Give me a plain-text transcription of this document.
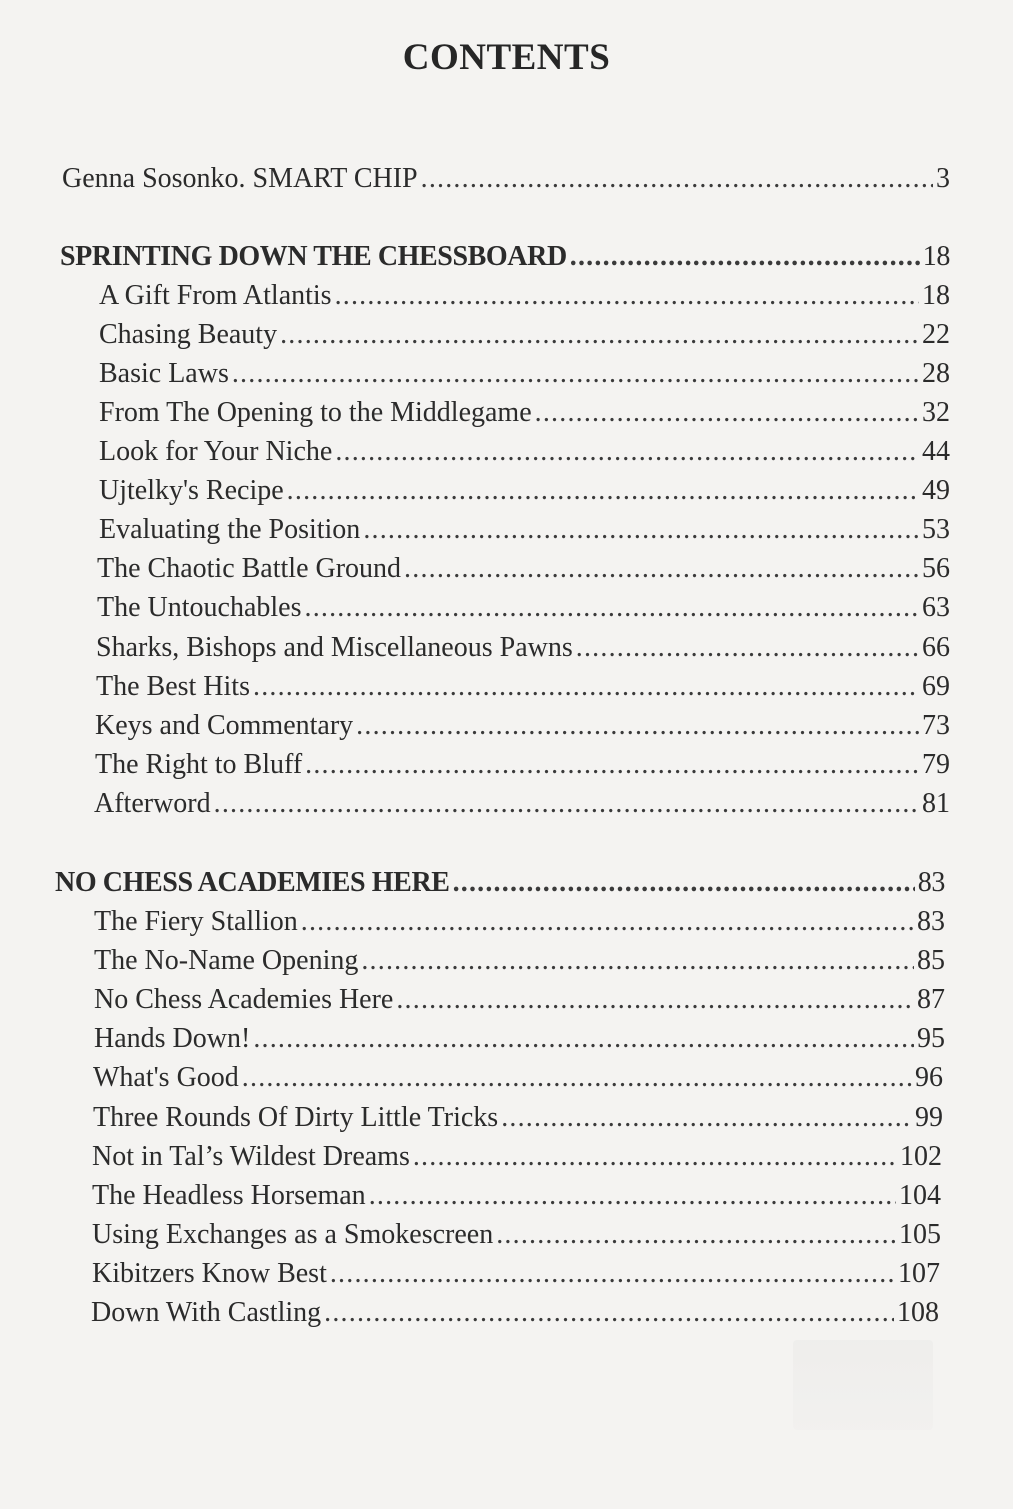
CONTENTS
Genna Sosonko. SMART CHIP .....	3
SPRINTING DOWN THE CHESSBOARD .....	18
A Gift From Atlantis .....	18
Chasing Beauty .....	22
Basic Laws .....	28
From The Opening to the Middlegame .....	32
Look for Your Niche .....	44
Ujtelky's Recipe .....	49
Evaluating the Position .....	53
The Chaotic Battle Ground .....	56
The Untouchables .....	63
Sharks, Bishops and Miscellaneous Pawns .....	66
The Best Hits .....	69
Keys and Commentary .....	73
The Right to Bluff .....	79
Afterword .....	81
NO CHESS ACADEMIES HERE .....	83
The Fiery Stallion .....	83
The No-Name Opening .....	85
No Chess Academies Here .....	87
Hands Down! .....	95
What's Good .....	96
Three Rounds Of Dirty Little Tricks .....	99
Not in Tal’s Wildest Dreams .....	102
The Headless Horseman .....	104
Using Exchanges as a Smokescreen .....	105
Kibitzers Know Best .....	107
Down With Castling .....	108
